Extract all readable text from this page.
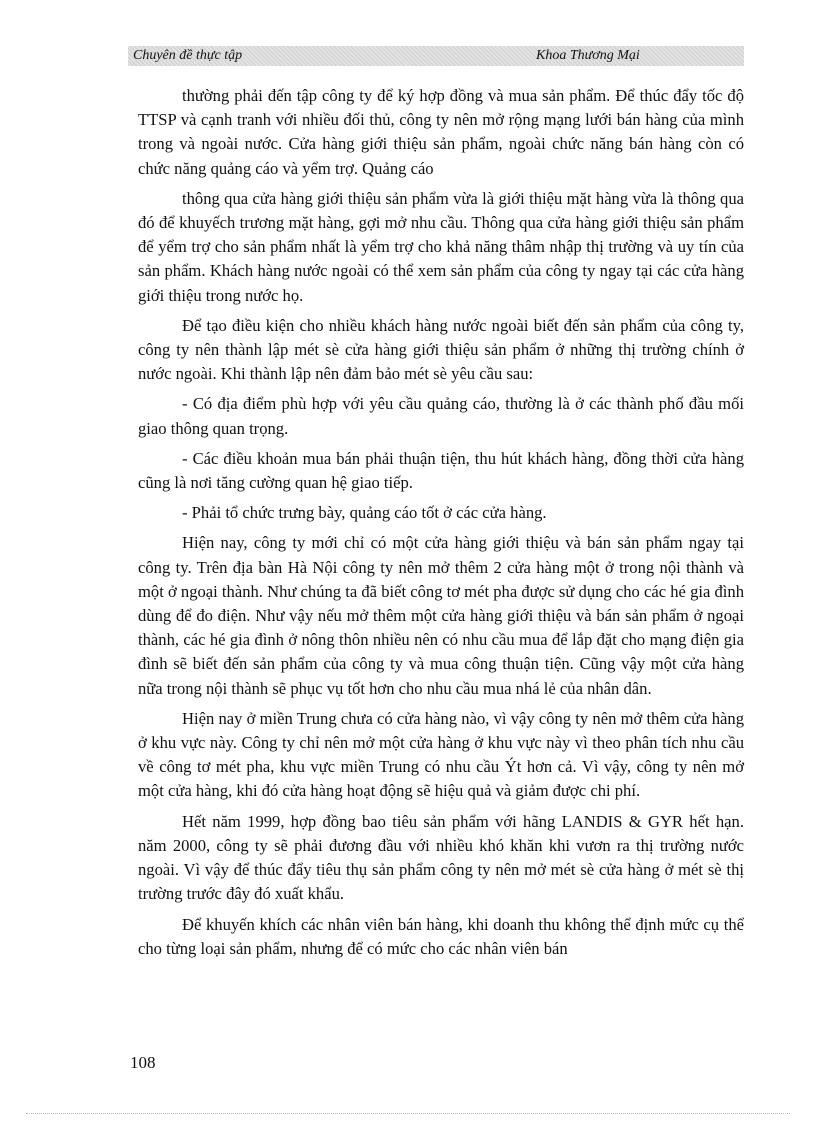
Chuyên đề thực tập	Khoa Thương Mại

thường phải đến tập công ty để ký hợp đồng và mua sản phẩm. Để thúc đẩy tốc độ TTSP và cạnh tranh với nhiều đối thủ, công ty nên mở rộng mạng lưới bán hàng của mình trong và ngoài nước. Cửa hàng giới thiệu sản phẩm, ngoài chức năng bán hàng còn có chức năng quảng cáo và yểm trợ. Quảng cáo

thông qua cửa hàng giới thiệu sản phẩm vừa là giới thiệu mặt hàng vừa là thông qua đó để khuyếch trương mặt hàng, gợi mở nhu cầu. Thông qua cửa hàng giới thiệu sản phẩm để yểm trợ cho sản phẩm nhất là yểm trợ cho khả năng thâm nhập thị trường và uy tín của sản phẩm. Khách hàng nước ngoài có thể xem sản phẩm của công ty ngay tại các cửa hàng giới thiệu trong nước họ.

Để tạo điều kiện cho nhiều khách hàng nước ngoài biết đến sản phẩm của công ty, công ty nên thành lập mét sè cửa hàng giới thiệu sản phẩm ở những thị trường chính ở nước ngoài. Khi thành lập nên đảm bảo mét sè yêu cầu sau:

- Có địa điểm phù hợp với yêu cầu quảng cáo, thường là ở các thành phố đầu mối giao thông quan trọng.

- Các điều khoản mua bán phải thuận tiện, thu hút khách hàng, đồng thời cửa hàng cũng là nơi tăng cường quan hệ giao tiếp.

- Phải tổ chức trưng bày, quảng cáo tốt ở các cửa hàng.

Hiện nay, công ty mới chỉ có một cửa hàng giới thiệu và bán sản phẩm ngay tại công ty. Trên địa bàn Hà Nội công ty nên mở thêm 2 cửa hàng một ở trong nội thành và một ở ngoại thành. Như chúng ta đã biết công tơ mét pha được sử dụng cho các hé gia đình dùng để đo điện. Như vậy nếu mở thêm một cửa hàng giới thiệu và bán sản phẩm ở ngoại thành, các hé gia đình ở nông thôn nhiều nên có nhu cầu mua để lắp đặt cho mạng điện gia đình sẽ biết đến sản phẩm của công ty và mua công thuận tiện. Cũng vậy một cửa hàng nữa trong nội thành sẽ phục vụ tốt hơn cho nhu cầu mua nhá lẻ của nhân dân.

Hiện nay ở miền Trung chưa có cửa hàng nào, vì vậy công ty nên mở thêm cửa hàng ở khu vực này. Công ty chỉ nên mở một cửa hàng ở khu vực này vì theo phân tích nhu cầu về công tơ mét pha, khu vực miền Trung có nhu cầu Ýt hơn cả. Vì vậy, công ty nên mở một cửa hàng, khi đó cửa hàng hoạt động sẽ hiệu quả và giảm được chi phí.

Hết năm 1999, hợp đồng bao tiêu sản phẩm với hãng LANDIS & GYR hết hạn. năm 2000, công ty sẽ phải đương đầu với nhiều khó khăn khi vươn ra thị trường nước ngoài. Vì vậy để thúc đẩy tiêu thụ sản phẩm công ty nên mở mét sè cửa hàng ở mét sè thị trường trước đây đó xuất khẩu.

Để khuyến khích các nhân viên bán hàng, khi doanh thu không thể định mức cụ thể cho từng loại sản phẩm, nhưng để có mức cho các nhân viên bán

108
